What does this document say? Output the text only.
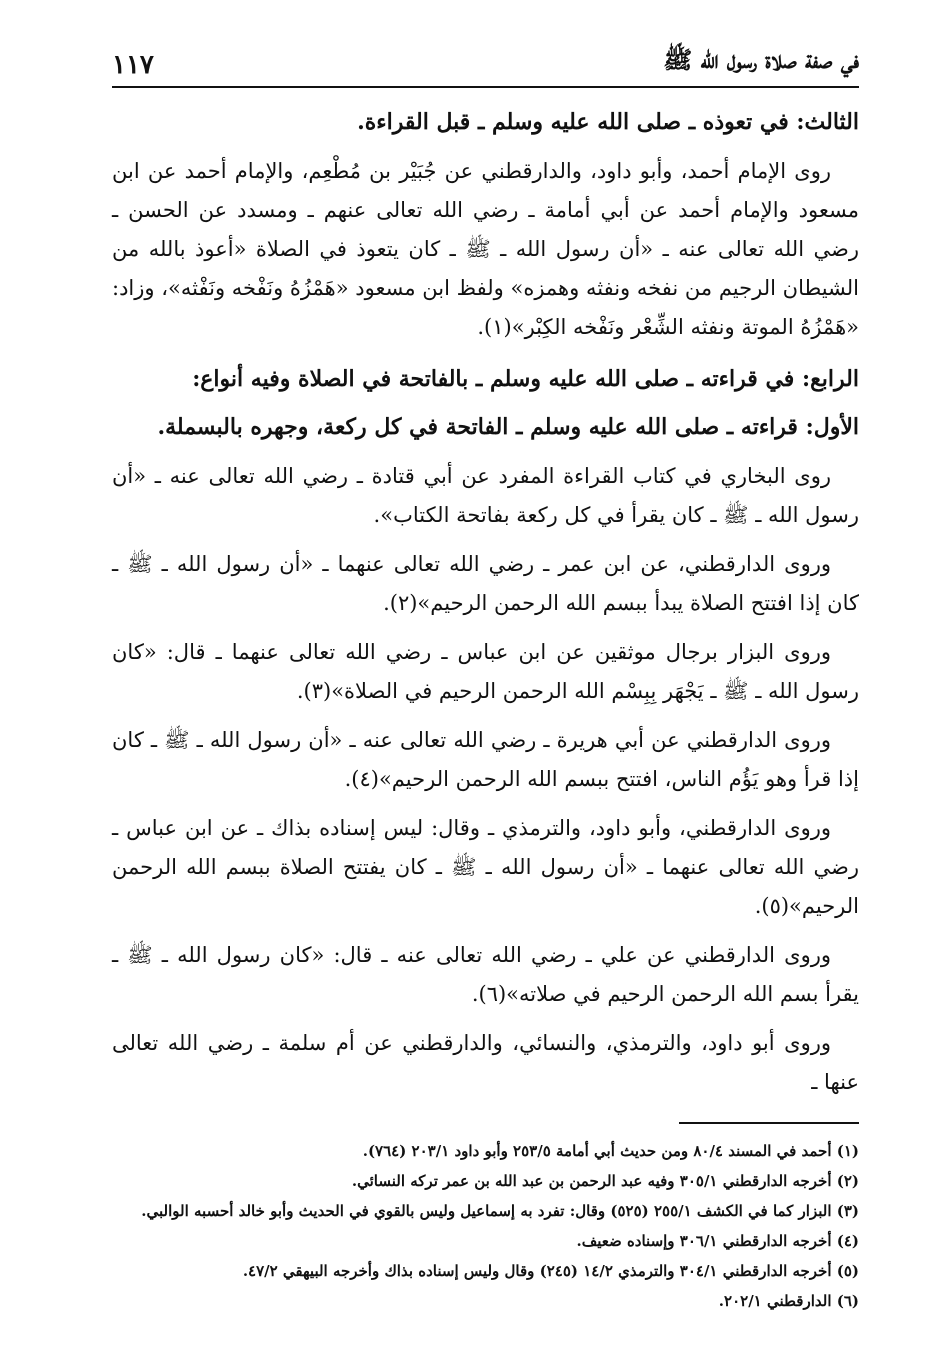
في صفة صلاة رسول الله ﷺ
١١٧
الثالث: في تعوذه ـ صلى الله عليه وسلم ـ قبل القراءة.

روى الإمام أحمد، وأبو داود، والدارقطني عن جُبَيْر بن مُطْعِم، والإمام أحمد عن ابن مسعود والإمام أحمد عن أبي أمامة ـ رضي الله تعالى عنهم ـ ومسدد عن الحسن ـ رضي الله تعالى عنه ـ «أن رسول الله ـ ﷺ ـ كان يتعوذ في الصلاة «أعوذ بالله من الشيطان الرجيم من نفخه ونفثه وهمزه» ولفظ ابن مسعود «هَمْزُهُ ونَفْخه ونَفْثه»، وزاد: «هَمْزُهُ الموتة ونفثه الشِّعْر ونَفْخه الكِبْر»(١).

الرابع: في قراءته ـ صلى الله عليه وسلم ـ بالفاتحة في الصلاة وفيه أنواع:
الأول: قراءته ـ صلى الله عليه وسلم ـ الفاتحة في كل ركعة، وجهره بالبسملة.

روى البخاري في كتاب القراءة المفرد عن أبي قتادة ـ رضي الله تعالى عنه ـ «أن رسول الله ـ ﷺ ـ كان يقرأ في كل ركعة بفاتحة الكتاب».

وروى الدارقطني، عن ابن عمر ـ رضي الله تعالى عنهما ـ «أن رسول الله ـ ﷺ ـ كان إذا افتتح الصلاة يبدأ ببسم الله الرحمن الرحيم»(٢).

وروى البزار برجال موثقين عن ابن عباس ـ رضي الله تعالى عنهما ـ قال: «كان رسول الله ـ ﷺ ـ يَجْهَر بِبِسْم الله الرحمن الرحيم في الصلاة»(٣).

وروى الدارقطني عن أبي هريرة ـ رضي الله تعالى عنه ـ «أن رسول الله ـ ﷺ ـ كان إذا قرأ وهو يَؤُم الناس، افتتح ببسم الله الرحمن الرحيم»(٤).

وروى الدارقطني، وأبو داود، والترمذي ـ وقال: ليس إسناده بذاك ـ عن ابن عباس ـ رضي الله تعالى عنهما ـ «أن رسول الله ـ ﷺ ـ كان يفتتح الصلاة ببسم الله الرحمن الرحيم»(٥).

وروى الدارقطني عن علي ـ رضي الله تعالى عنه ـ قال: «كان رسول الله ـ ﷺ ـ يقرأ بسم الله الرحمن الرحيم في صلاته»(٦).

وروى أبو داود، والترمذي، والنسائي، والدارقطني عن أم سلمة ـ رضي الله تعالى عنها ـ

(١) أحمد في المسند ٨٠/٤ ومن حديث أبي أمامة ٢٥٣/٥ وأبو داود ٢٠٣/١ (٧٦٤).
(٢) أخرجه الدارقطني ٣٠٥/١ وفيه عبد الرحمن بن عبد الله بن عمر تركه النسائي.
(٣) البزار كما في الكشف ٢٥٥/١ (٥٢٥) وقال: تفرد به إسماعيل وليس بالقوي في الحديث وأبو خالد أحسبه الوالبي.
(٤) أخرجه الدارقطني ٣٠٦/١ وإسناده ضعيف.
(٥) أخرجه الدارقطني ٣٠٤/١ والترمذي ١٤/٢ (٢٤٥) وقال وليس إسناده بذاك وأخرجه البيهقي ٤٧/٢.
(٦) الدارقطني ٢٠٢/١.
